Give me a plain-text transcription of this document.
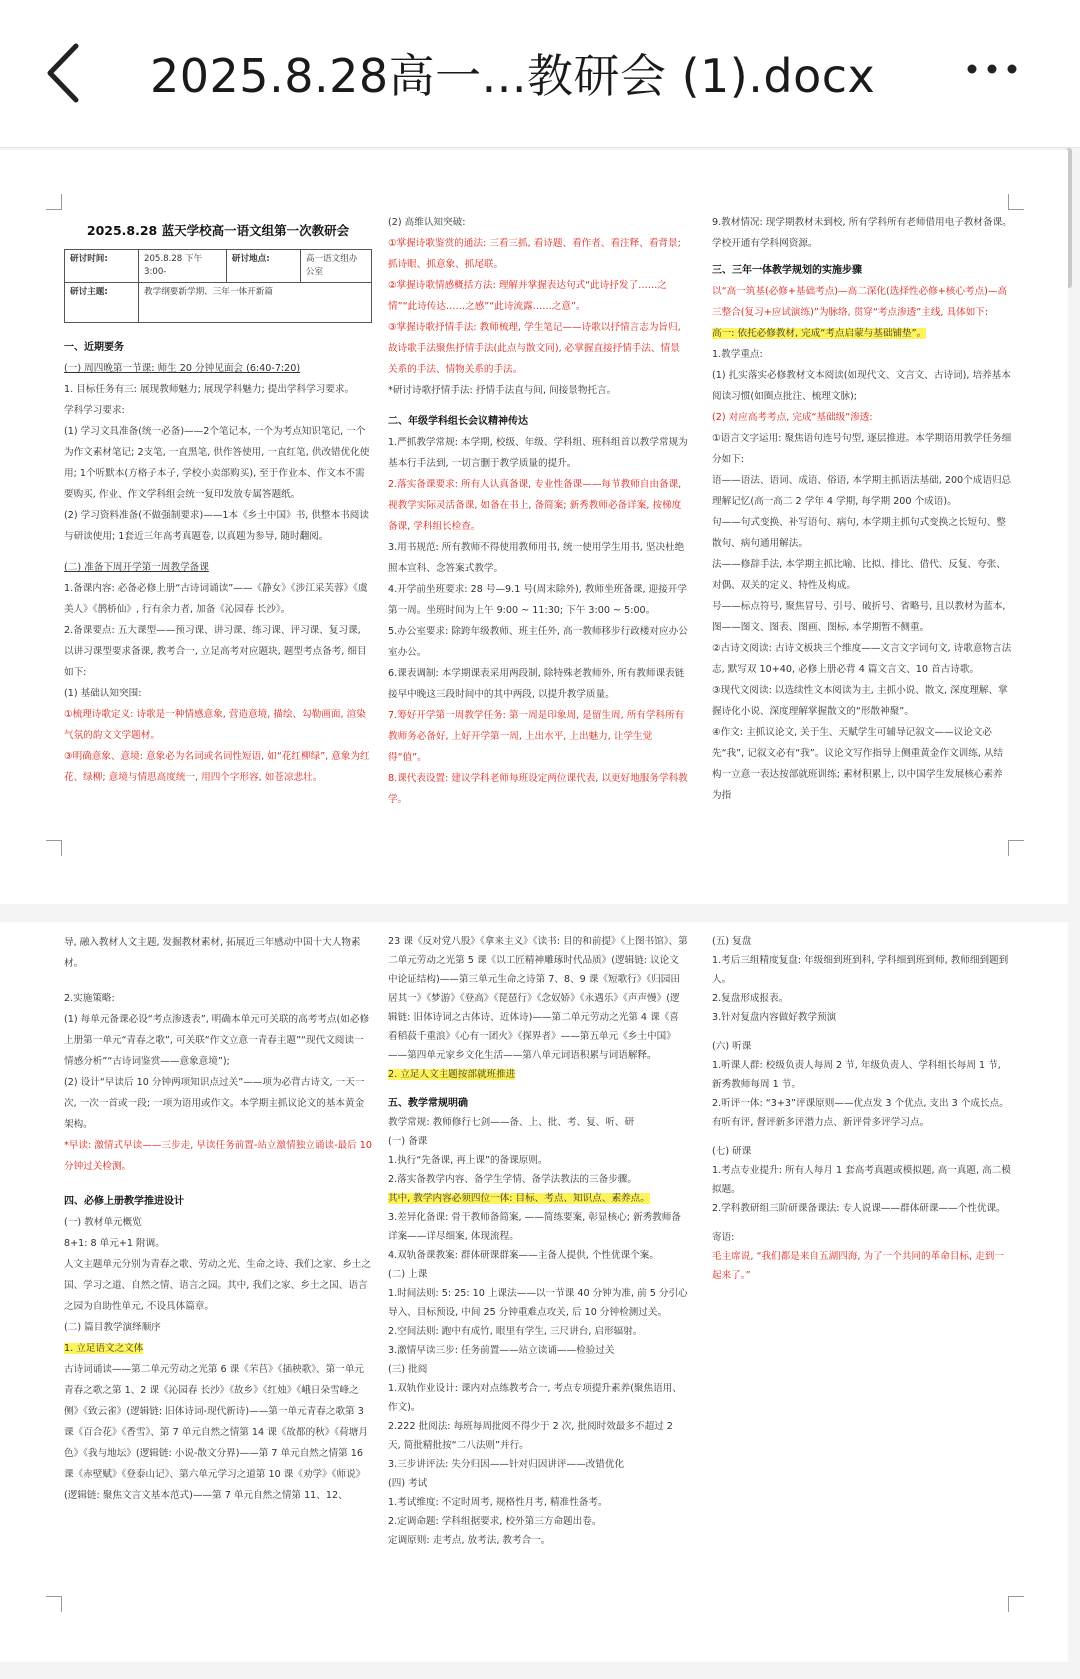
2025.8.28高一...教研会 (1).docx

2025.8.28 蓝天学校高一语文组第一次教研会

研讨时间:	205.8.28 下午 3:00-	研讨地点:	高一语文组办公室
研讨主题:	教学纲要新学期、三年一体开新篇		

一、近期要务

(一) 周四晚第一节课: 师生 20 分钟见面会 (6:40-7:20)

1. 目标任务有三: 展现教师魅力; 展现学科魅力; 提出学科学习要求。

学科学习要求:

(1) 学习文具准备(统一必备)——2个笔记本, 一个为考点知识笔记, 一个为作文素材笔记; 2支笔, 一直黑笔, 供作答使用, 一直红笔, 供改错优化使用; 1个听默本(方格子本子, 学校小卖部购买), 至于作业本、作文本不需要购买, 作业、作文学科组会统一复印发放专属答题纸。

(2) 学习资料准备(不做强制要求)——1本《乡土中国》书, 供整本书阅读与研读使用; 1套近三年高考真题卷, 以真题为参导, 随时翻阅。

(二) 准备下周开学第一周教学备课

1.备课内容: 必备必修上册“古诗词诵读”——《静女》《涉江采芙蓉》《虞美人》《鹊桥仙》, 行有余力者, 加备《沁园春 长沙》。

2.备课要点: 五大课型——预习课、讲习课、练习课、评习课、复习课, 以讲习课型要求备课, 教考合一, 立足高考对应题块, 题型考点备考, 细目如下:

(1) 基础认知突围:

①梳理诗歌定义: 诗歌是一种情感意象, 营造意境, 描绘、勾勒画面, 渲染气氛的韵文文学题材。

③明确意象、意境: 意象必为名词或名词性短语, 如“花红柳绿”, 意象为红花、绿柳; 意境与情思高度统一, 用四个字形容, 如苍凉悲壮。

(2) 高维认知突破:

①掌握诗歌鉴赏的通法: 三看三抓, 看诗题、看作者、看注释、看背景; 抓诗眼、抓意象、抓尾联。

②掌握诗歌情感概括方法: 理解并掌握表达句式“此诗抒发了……之情”“此诗传达……之感”“此诗流露……之意”。

③掌握诗歌抒情手法: 教师梳理, 学生笔记——诗歌以抒情言志为旨归, 故诗歌手法聚焦抒情手法(此点与散文同), 必掌握直接抒情手法、情景关系的手法、情物关系的手法。

*研讨诗歌抒情手法: 抒情手法直与间, 间接景物托言。

二、年级学科组长会议精神传达

1.严抓教学常规: 本学期, 校级、年级、学科组、班科组首以教学常规为基本行手法到, 一切言删于教学质量的提升。

2.落实备课要求: 所有人认真备课, 专业性备课——每节教师自由备课, 视教学实际灵活备课, 如备在书上, 备简案; 新秀教师必备详案, 按梯度备课, 学科组长检查。

3.用书规范: 所有教师不得使用教师用书, 统一使用学生用书, 坚决杜绝照本宣科、念答案式教学。

4.开学前坐班要求: 28 号—9.1 号(周末除外), 教师坐班备课, 迎接开学第一周。坐班时间为上午 9:00 ~ 11:30; 下午 3:00 ~ 5:00。

5.办公室要求: 除跨年级教师、班主任外, 高一教师移步行政楼对应办公室办公。

6.课表调制: 本学期课表采用两段制, 除特殊老教师外, 所有教师课表链接早中晚这三段时间中的其中两段, 以提升教学质量。

7.筹好开学第一周教学任务: 第一周是印象周, 是留生周, 所有学科所有教师务必备好, 上好开学第一周, 上出水平, 上出魅力, 让学生觉得“值”。

8.课代表设置: 建议学科老师每班设定两位课代表, 以更好地服务学科教学。

9.教材情况: 现学期教材未到校, 所有学科所有老师借用电子教材备课。学校开通有学科网资源。

三、三年一体教学规划的实施步骤

以“高一筑基(必修+基础考点)—高二深化(选择性必修+核心考点)—高三整合(复习+应试演练)”为脉络, 贯穿“考点渗透”主线, 具体如下:

高一: 依托必修教材, 完成“考点启蒙与基础铺垫”。

1.教学重点:

(1) 扎实落实必修教材文本阅读(如现代文、文言文、古诗词), 培养基本阅读习惯(如圈点批注、梳理文脉);

(2) 对应高考考点, 完成“基础级”渗透:

①语言文字运用: 聚焦语句连号句型, 逐层推进。本学期语用教学任务细分如下:

语——语法、语词、成语、俗语, 本学期主抓语法基础, 200个成语归总理解记忆(高一高二 2 学年 4 学期, 每学期 200 个成语)。

句——句式变换、补写语句、病句, 本学期主抓句式变换之长短句、整散句、病句通用解法。

法——修辞手法, 本学期主抓比喻、比拟、排比、借代、反复、夸张、对偶、双关的定义、特性及构成。

号——标点符号, 聚焦冒号、引号、破折号、省略号, 且以教材为蓝本, 图——图文、图表、图画、图标, 本学期暂不侧重。

②古诗文阅读: 古诗文板块三个维度——文言文字词句文, 诗歌意物言法志, 默写双 10+40, 必修上册必背 4 篇文言文、10 首古诗歌。

③现代文阅读: 以选续性文本阅读为主, 主抓小说、散文, 深度理解、掌握诗化小说、深度理解掌握散文的“形散神聚”。

④作文: 主抓议论文, 关于生、天赋学生可辅导记叙文——议论文必先“我”, 记叙文必有“我”。议论文写作指导上侧重黄金作文训练, 从结构一立意一表达按部就班训练; 素材积累上, 以中国学生发展核心素养为指

导, 融入教材人文主题, 发掘教材素材, 拓展近三年感动中国十大人物素材。

2.实施策略:

(1) 每单元备课必设“考点渗透表”, 明确本单元可关联的高考考点(如必修上册第一单元“青春之歌”, 可关联“作文立意一青春主题”“现代文阅读一情感分析”“古诗词鉴赏——意象意境”);

(2) 设计“早读后 10 分钟两项知识点过关”——项为必背古诗文, 一天一次, 一次一首或一段; 一项为语用或作文。本学期主抓议论文的基本黄金架构。

*早读: 激情式早读——三步走, 早读任务前置-站立激情独立诵读-最后 10 分钟过关检测。

四、必修上册教学推进设计

(一) 教材单元概览

8+1: 8 单元+1 附调。

人文主题单元分别为青春之歌、劳动之光、生命之诗、我们之家、乡土之国、学习之道、自然之情、语言之园。其中, 我们之家、乡土之国、语言之园为自助性单元, 不设具体篇章。

(二) 篇目教学演绎顺序

1. 立足语文之文体

古诗词诵读——第二单元劳动之光第 6 课《芣苢》《插秧歌》、第一单元青春之歌之第 1、2 课《沁园春 长沙》《故乡》《红烛》《峨日朵雪峰之侧》《致云雀》(逻辑链: 旧体诗词-现代新诗)——第一单元青春之歌第 3 课《百合花》《香雪》、第 7 单元自然之情第 14 课《故都的秋》《荷塘月色》《我与地坛》(逻辑链: 小说-散文分界)——第 7 单元自然之情第 16 课《赤壁赋》《登泰山记》、第六单元学习之道第 10 课《劝学》《师说》(逻辑链: 聚焦文言文基本范式)——第 7 单元自然之情第 11、12、

23 课《反对党八股》《拿来主义》《读书: 目的和前提》《上图书馆》、第二单元劳动之光第 5 课《以工匠精神雕琢时代品质》(逻辑链: 议论文中论证结构)——第三单元生命之诗第 7、8、9 课《短歌行》《归园田居其一》《梦游》《登高》《琵琶行》《念奴娇》《永遇乐》《声声慢》(逻辑链: 旧体诗词之古体诗、近体诗)——第二单元劳动之光第 4 课《喜看稻菽千重浪》《心有一团火》《探界者》——第五单元《乡土中国》——第四单元家乡文化生活——第八单元词语积累与词语解释。

2. 立足人文主题按部就班推进

五、教学常规明确

教学常规: 教师修行七剑——备、上、批、考、复、听、研

(一) 备课

1.执行“先备课, 再上课”的备课原则。

2.落实备教学内容、备学生学情、备学法教法的三备步骤。

其中, 教学内容必须四位一体: 目标、考点、知识点、素养点。

3.差异化备课: 骨干教师备简案, ——简练要案, 彰显核心; 新秀教师备详案——详尽细案, 体现流程。

4.双轨备课教案: 群体研课群案——主备人提供, 个性优课个案。

(二) 上课

1.时间法则: 5: 25: 10 上课法——以一节课 40 分钟为准, 前 5 分引心导入、目标预设, 中间 25 分钟重难点攻关, 后 10 分钟检测过关。

2.空间法则: 跑中有成竹, 眼里有学生, 三尺讲台, 启形辐射。

3.激情早读三步: 任务前置——站立读诵——检验过关

(三) 批阅

1.双轨作业设计: 课内对点练教考合一, 考点专项提升素养(聚焦语用、作文)。

2.222 批阅法: 每班每周批阅不得少于 2 次, 批阅时效最多不超过 2 天, 简批精批按“二八法则”并行。

3.三步讲评法: 失分归因——针对归因讲评——改错优化

(四) 考试

1.考试维度: 不定时周考, 规格性月考, 精准性备考。

2.定调命题: 学科组据要求, 校外第三方命题出卷。

定调原则: 走考点, 放考法, 教考合一。

(五) 复盘

1.考后三组精度复盘: 年级细到班到科, 学科细到班到师, 教师细到题到人。

2.复盘形成报表。

3.针对复盘内容做好教学预演

(六) 听课

1.听课人群: 校级负责人每周 2 节, 年级负责人、学科组长每周 1 节, 新秀教师每周 1 节。

2.听评一体: “3+3”评课原则——优点发 3 个优点, 支出 3 个成长点。有听有评, 督评新多评潜力点、新评骨多评学习点。

(七) 研课

1.考点专业提升: 所有人每月 1 套高考真题或模拟题, 高一真题, 高二模拟题。

2.学科教研组三阶研课备课法: 专人说课——群体研课——个性优课。

寄语:

毛主席说, “我们都是来自五湖四海, 为了一个共同的革命目标, 走到一起来了。”
